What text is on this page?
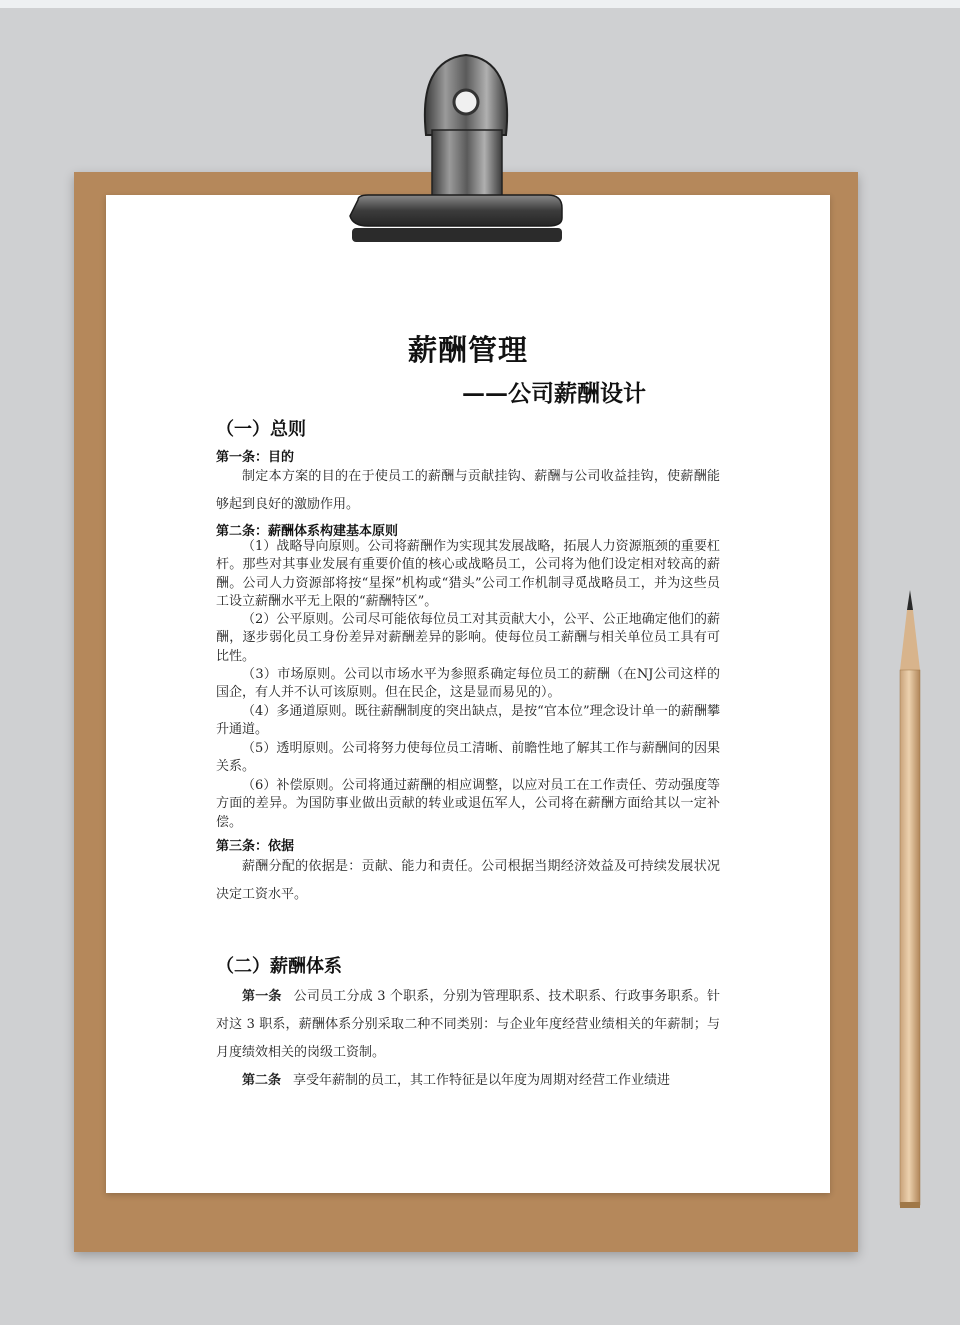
薪酬管理
——公司薪酬设计
（一）总则
第一条：目的
制定本方案的目的在于使员工的薪酬与贡献挂钩、薪酬与公司收益挂钩，使薪酬能够起到良好的激励作用。
第二条：薪酬体系构建基本原则
（1）战略导向原则。公司将薪酬作为实现其发展战略，拓展人力资源瓶颈的重要杠杆。那些对其事业发展有重要价值的核心或战略员工，公司将为他们设定相对较高的薪酬。公司人力资源部将按“星探”机构或“猎头”公司工作机制寻觅战略员工，并为这些员工设立薪酬水平无上限的“薪酬特区”。
（2）公平原则。公司尽可能依每位员工对其贡献大小，公平、公正地确定他们的薪酬，逐步弱化员工身份差异对薪酬差异的影响。使每位员工薪酬与相关单位员工具有可比性。
（3）市场原则。公司以市场水平为参照系确定每位员工的薪酬（在NJ公司这样的国企，有人并不认可该原则。但在民企，这是显而易见的）。
（4）多通道原则。既往薪酬制度的突出缺点，是按“官本位”理念设计单一的薪酬攀升通道。
（5）透明原则。公司将努力使每位员工清晰、前瞻性地了解其工作与薪酬间的因果关系。
（6）补偿原则。公司将通过薪酬的相应调整，以应对员工在工作责任、劳动强度等方面的差异。为国防事业做出贡献的转业或退伍军人，公司将在薪酬方面给其以一定补偿。
第三条：依据
薪酬分配的依据是：贡献、能力和责任。公司根据当期经济效益及可持续发展状况决定工资水平。
（二）薪酬体系
第一条 公司员工分成 3 个职系，分别为管理职系、技术职系、行政事务职系。针对这 3 职系，薪酬体系分别采取二种不同类别：与企业年度经营业绩相关的年薪制；与月度绩效相关的岗级工资制。
第二条 享受年薪制的员工，其工作特征是以年度为周期对经营工作业绩进
